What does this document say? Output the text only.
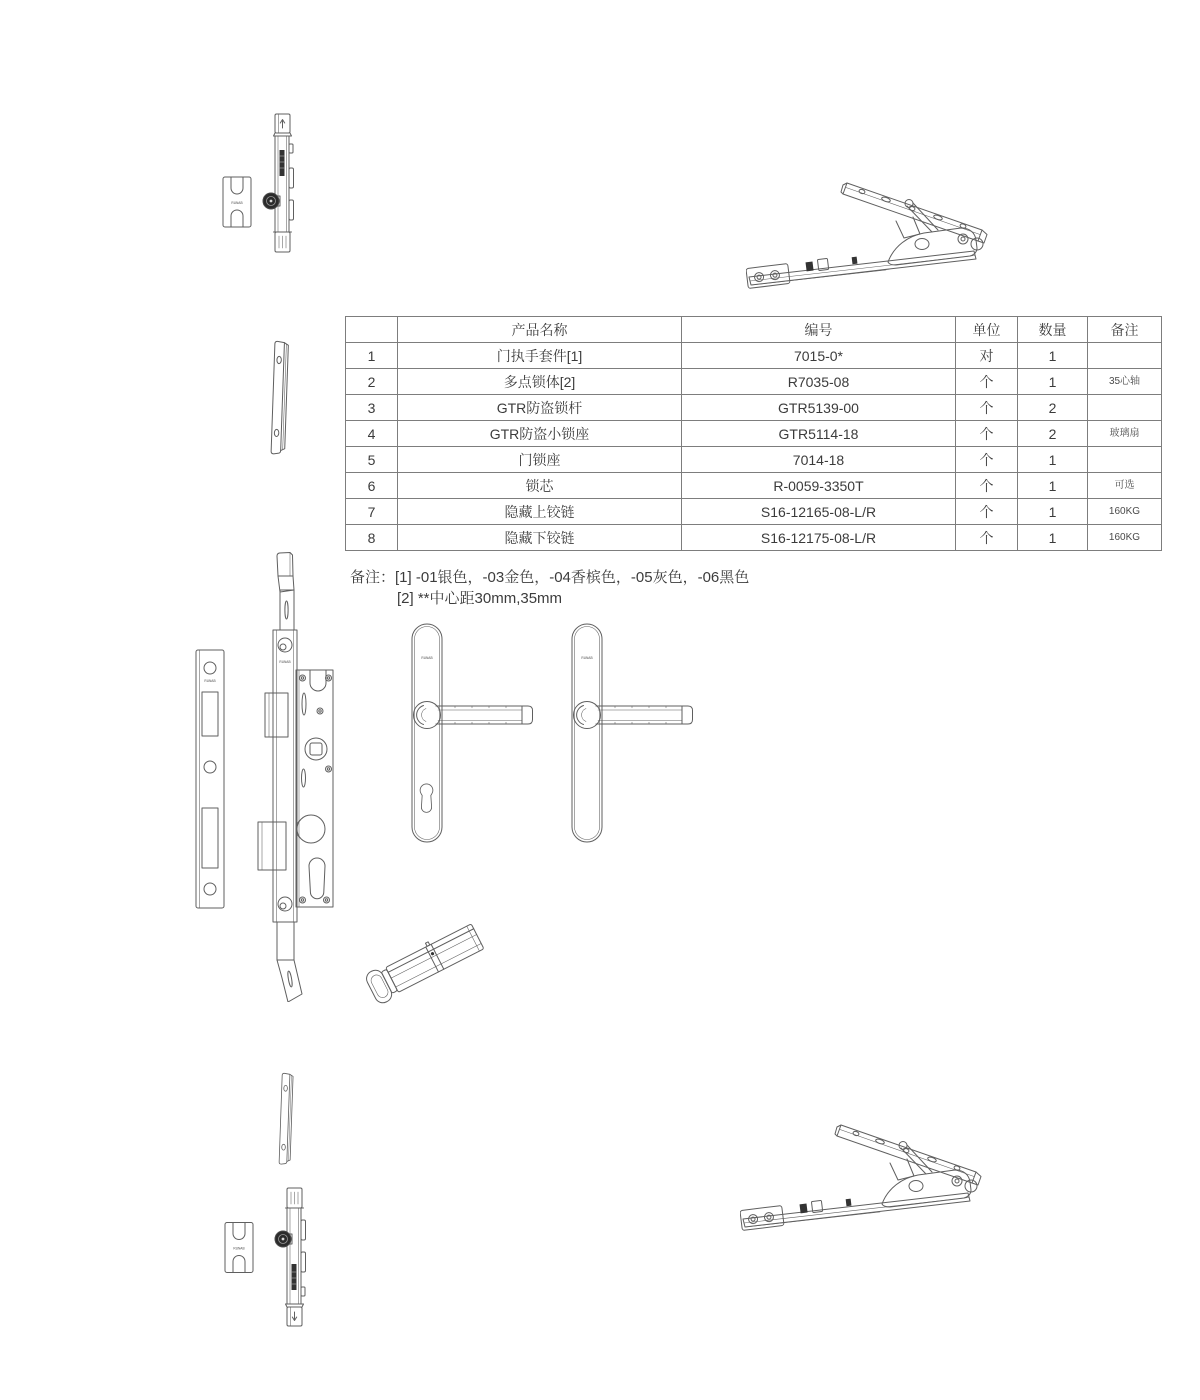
	产品名称	编号	单位	数量	备注
1	门执手套件[1]	7015-0*	对	1	
2	多点锁体[2]	R7035-08	个	1	35心轴
3	GTR防盗锁杆	GTR5139-00	个	2	
4	GTR防盗小锁座	GTR5114-18	个	2	玻璃扇
5	门锁座	7014-18	个	1	
6	锁芯	R-0059-3350T	个	1	可选
7	隐藏上铰链	S16-12165-08-L/R	个	1	160KG
8	隐藏下铰链	S16-12175-08-L/R	个	1	160KG
备注：[1] -01银色，-03金色，-04香槟色，-05灰色，-06黑色
[2] **中心距30mm,35mm
